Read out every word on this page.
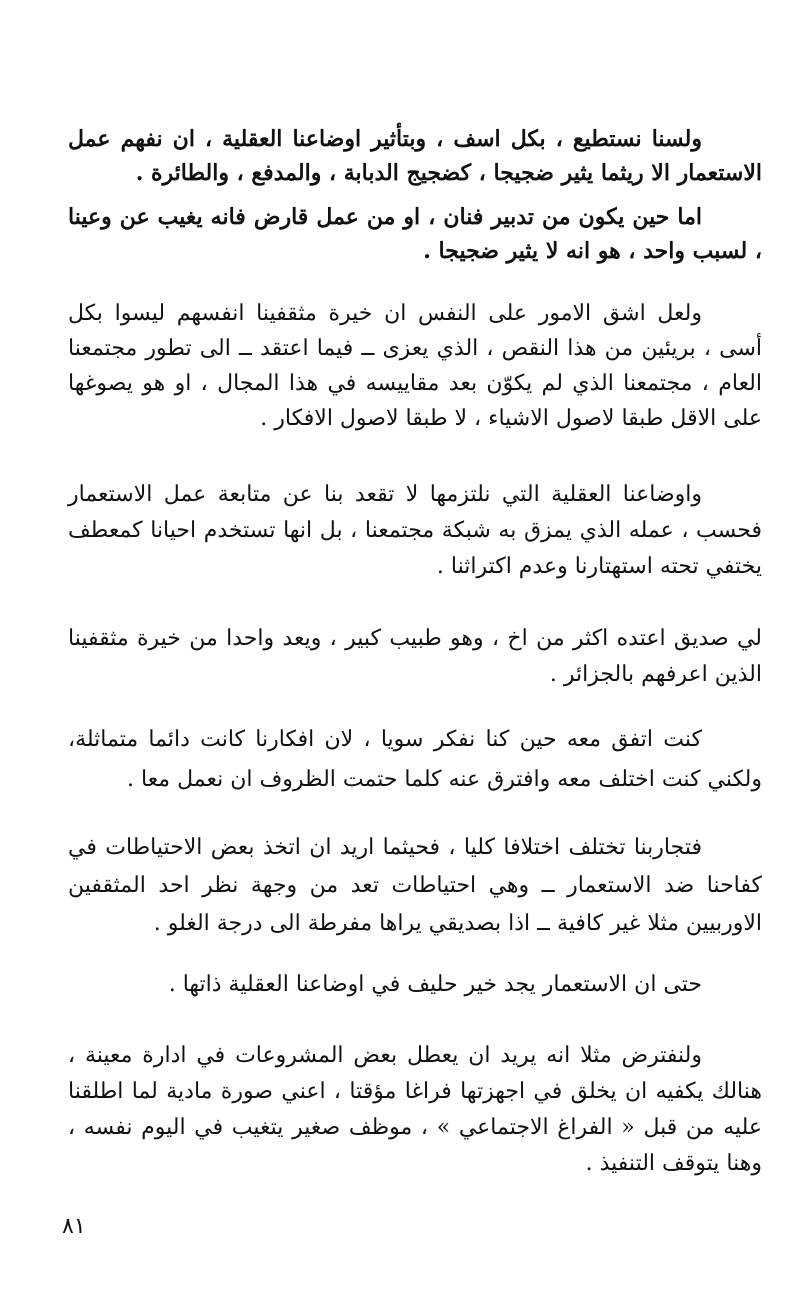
ولسنا نستطيع ، بكل اسف ، وبتأثير اوضاعنا العقلية ، ان نفهم عمل الاستعمار الا ريثما يثير ضجيجا ، كضجيج الدبابة ، والمدفع ، والطائرة .

اما حين يكون من تدبير فنان ، او من عمل قارض فانه يغيب عن وعينا ، لسبب واحد ، هو انه لا يثير ضجيجا .

ولعل اشق الامور على النفس ان خيرة مثقفينا انفسهم ليسوا بكل أسى ، بريئين من هذا النقص ، الذي يعزى ــ فيما اعتقد ــ الى تطور مجتمعنا العام ، مجتمعنا الذي لم يكوّن بعد مقاييسه في هذا المجال ، او هو يصوغها على الاقل طبقا لاصول الاشياء ، لا طبقا لاصول الافكار .

واوضاعنا العقلية التي نلتزمها لا تقعد بنا عن متابعة عمل الاستعمار فحسب ، عمله الذي يمزق به شبكة مجتمعنا ، بل انها تستخدم احيانا كمعطف يختفي تحته استهتارنا وعدم اكتراثنا .

لي صديق اعتده اكثر من اخ ، وهو طبيب كبير ، ويعد واحدا من خيرة مثقفينا الذين اعرفهم بالجزائر .

كنت اتفق معه حين كنا نفكر سويا ، لان افكارنا كانت دائما متماثلة، ولكني كنت اختلف معه وافترق عنه كلما حتمت الظروف ان نعمل معا .

فتجاربنا تختلف اختلافا كليا ، فحيثما اريد ان اتخذ بعض الاحتياطات في كفاحنا ضد الاستعمار ــ وهي احتياطات تعد من وجهة نظر احد المثقفين الاوربيين مثلا غير كافية ــ اذا بصديقي يراها مفرطة الى درجة الغلو .

حتى ان الاستعمار يجد خير حليف في اوضاعنا العقلية ذاتها .

ولنفترض مثلا انه يريد ان يعطل بعض المشروعات في ادارة معينة ، هنالك يكفيه ان يخلق في اجهزتها فراغا مؤقتا ، اعني صورة مادية لما اطلقنا عليه من قبل « الفراغ الاجتماعي » ، موظف صغير يتغيب في اليوم نفسه ، وهنا يتوقف التنفيذ .

٨١
